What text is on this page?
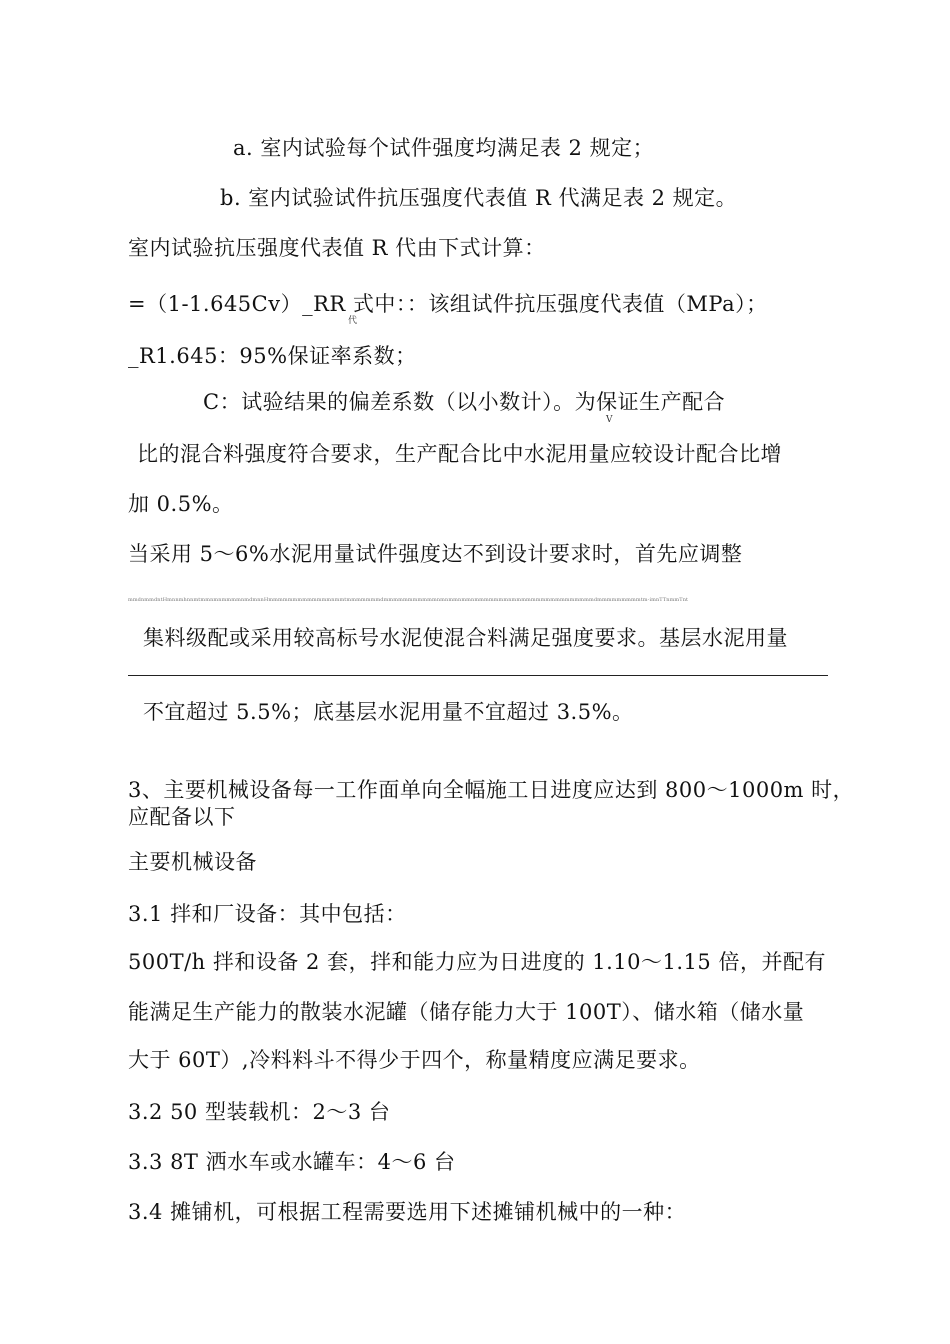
a. 室内试验每个试件强度均满足表 2 规定；
b. 室内试验试件抗压强度代表值 R 代满足表 2 规定。
室内试验抗压强度代表值 R 代由下式计算：
=（1-1.645Cv）_RR 式中：：该组试件抗压强度代表值（MPa）；
代
_R1.645：95%保证率系数；
C：试验结果的偏差系数（以小数计）。为保证生产配合
V
比的混合料强度符合要求，生产配合比中水泥用量应较设计配合比增
加 0.5%。
当采用 5〜6%水泥用量试件强度达不到设计要求时，首先应调整
mmdnmmdntHmnnmhnnmtmmnmnmmmmnmdmnnHmmmmmmmmmmmmmnmmtmmmmmmmdmmmmmmmmmmmnmnmmnmmnmmmmmmmnmmmmmmmmmmmmmmmmmdmmmmmmmmmtm-imnTTnmmTnt
集料级配或采用较高标号水泥使混合料满足强度要求。基层水泥用量
不宜超过 5.5%；底基层水泥用量不宜超过 3.5%。
3、主要机械设备每一工作面单向全幅施工日进度应达到 800〜1000m 时，
应配备以下
主要机械设备
3.1 拌和厂设备：其中包括：
500T/h 拌和设备 2 套，拌和能力应为日进度的 1.10〜1.15 倍，并配有
能满足生产能力的散装水泥罐（储存能力大于 100T）、储水箱（储水量
大于 60T）,冷料料斗不得少于四个，称量精度应满足要求。
3.2 50 型装载机：2〜3 台
3.3 8T 洒水车或水罐车：4〜6 台
3.4 摊铺机，可根据工程需要选用下述摊铺机械中的一种：
